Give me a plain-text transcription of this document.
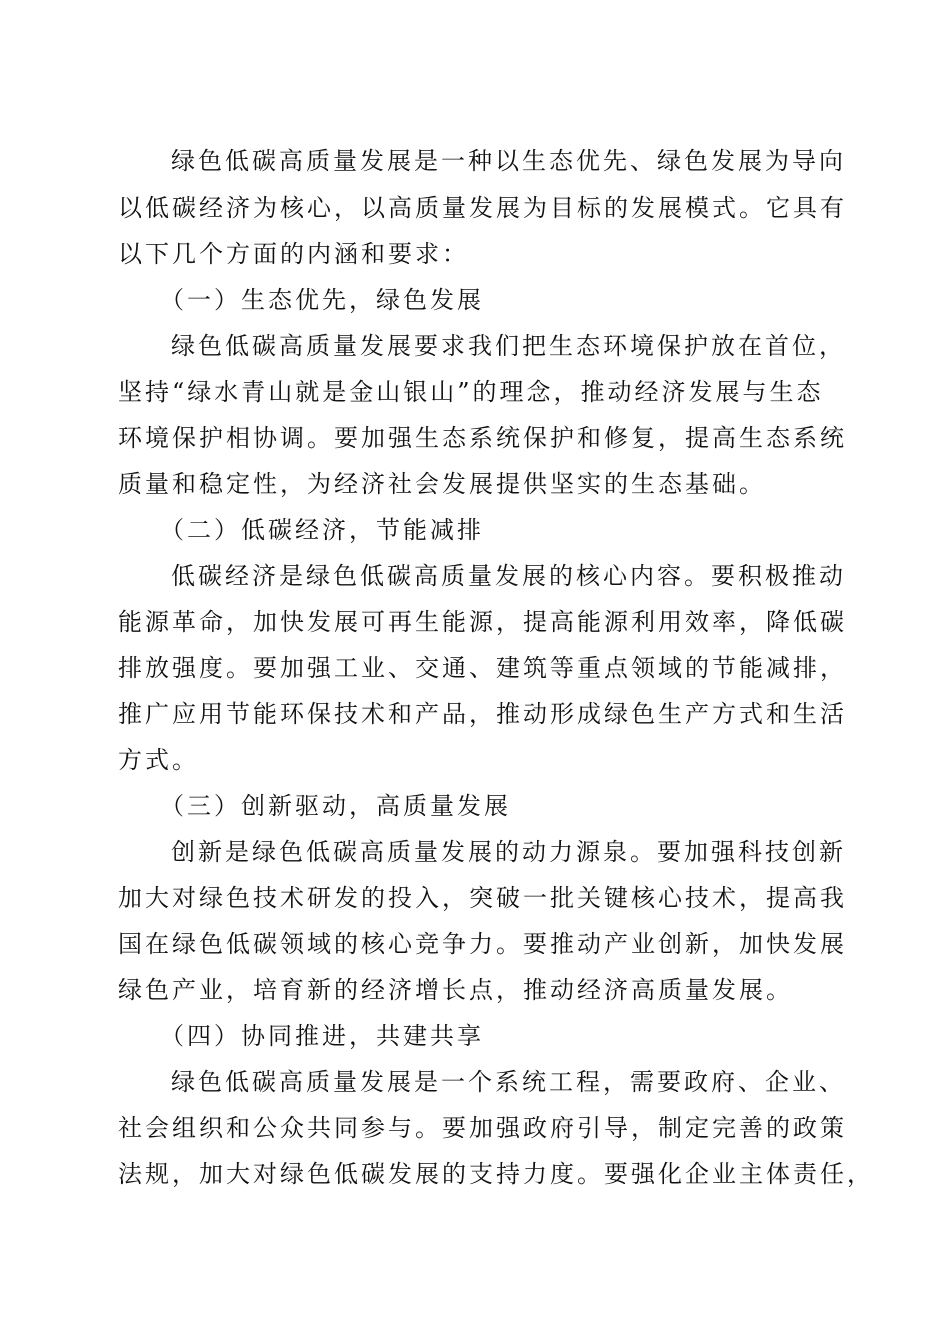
绿色低碳高质量发展是一种以生态优先、绿色发展为导向

以低碳经济为核心，以高质量发展为目标的发展模式。它具有

以下几个方面的内涵和要求：

（一）生态优先，绿色发展

绿色低碳高质量发展要求我们把生态环境保护放在首位，

坚持“绿水青山就是金山银山”的理念，推动经济发展与生态

环境保护相协调。要加强生态系统保护和修复，提高生态系统

质量和稳定性，为经济社会发展提供坚实的生态基础。

（二）低碳经济，节能减排

低碳经济是绿色低碳高质量发展的核心内容。要积极推动

能源革命，加快发展可再生能源，提高能源利用效率，降低碳

排放强度。要加强工业、交通、建筑等重点领域的节能减排，

推广应用节能环保技术和产品，推动形成绿色生产方式和生活

方式。

（三）创新驱动，高质量发展

创新是绿色低碳高质量发展的动力源泉。要加强科技创新

加大对绿色技术研发的投入，突破一批关键核心技术，提高我

国在绿色低碳领域的核心竞争力。要推动产业创新，加快发展

绿色产业，培育新的经济增长点，推动经济高质量发展。

（四）协同推进，共建共享

绿色低碳高质量发展是一个系统工程，需要政府、企业、

社会组织和公众共同参与。要加强政府引导，制定完善的政策

法规，加大对绿色低碳发展的支持力度。要强化企业主体责任，
